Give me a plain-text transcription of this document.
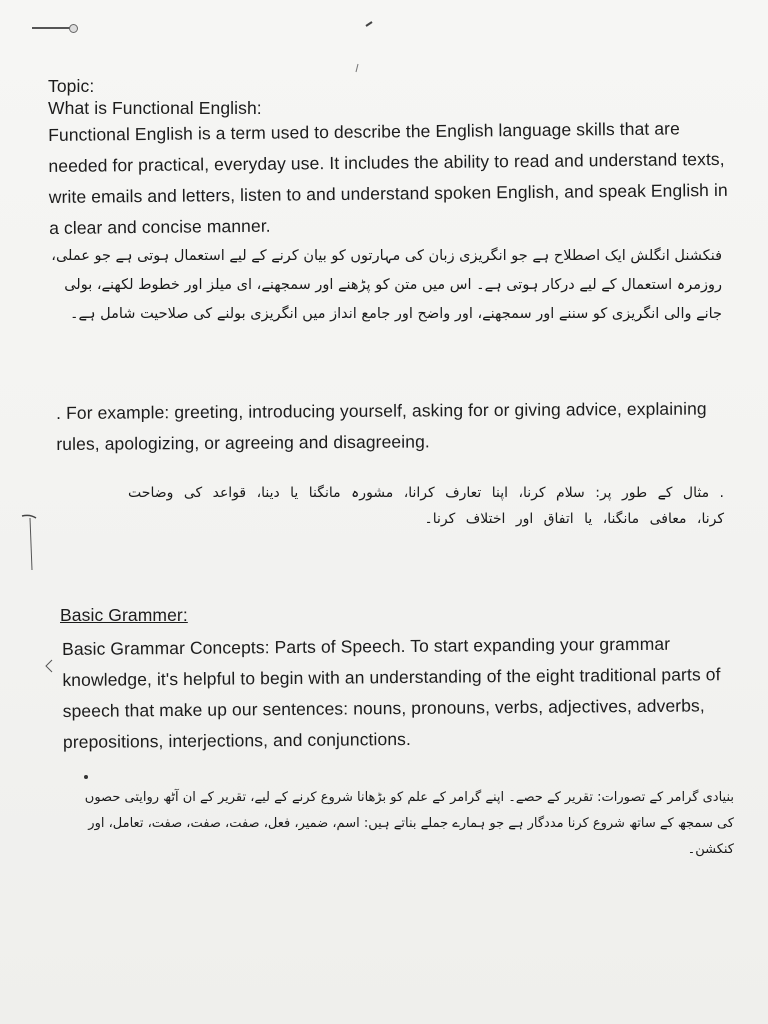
Topic:
What is Functional English:
Functional English is a term used to describe the English language skills that are needed for practical, everyday use. It includes the ability to read and understand texts, write emails and letters, listen to and understand spoken English, and speak English in a clear and concise manner.
فنکشنل انگلش ایک اصطلاح ہے جو انگریزی زبان کی مہارتوں کو بیان کرنے کے لیے استعمال ہوتی ہے جو عملی، روزمرہ استعمال کے لیے درکار ہوتی ہے۔ اس میں متن کو پڑھنے اور سمجھنے، ای میلز اور خطوط لکھنے، بولی جانے والی انگریزی کو سننے اور سمجھنے، اور واضح اور جامع انداز میں انگریزی بولنے کی صلاحیت شامل ہے۔
. For example: greeting, introducing yourself, asking for or giving advice, explaining rules, apologizing, or agreeing and disagreeing.
. مثال کے طور پر: سلام کرنا، اپنا تعارف کرانا، مشورہ مانگنا یا دینا، قواعد کی وضاحت کرنا، معافی مانگنا، یا اتفاق اور اختلاف کرنا۔
Basic Grammer:
Basic Grammar Concepts: Parts of Speech. To start expanding your grammar knowledge, it's helpful to begin with an understanding of the eight traditional parts of speech that make up our sentences: nouns, pronouns, verbs, adjectives, adverbs, prepositions, interjections, and conjunctions.
بنیادی گرامر کے تصورات: تقریر کے حصے۔ اپنے گرامر کے علم کو بڑھانا شروع کرنے کے لیے، تقریر کے ان آٹھ روایتی حصوں کی سمجھ کے ساتھ شروع کرنا مددگار ہے جو ہمارے جملے بناتے ہیں: اسم، ضمیر، فعل، صفت، صفت، صفت، تعامل، اور کنکشن۔
